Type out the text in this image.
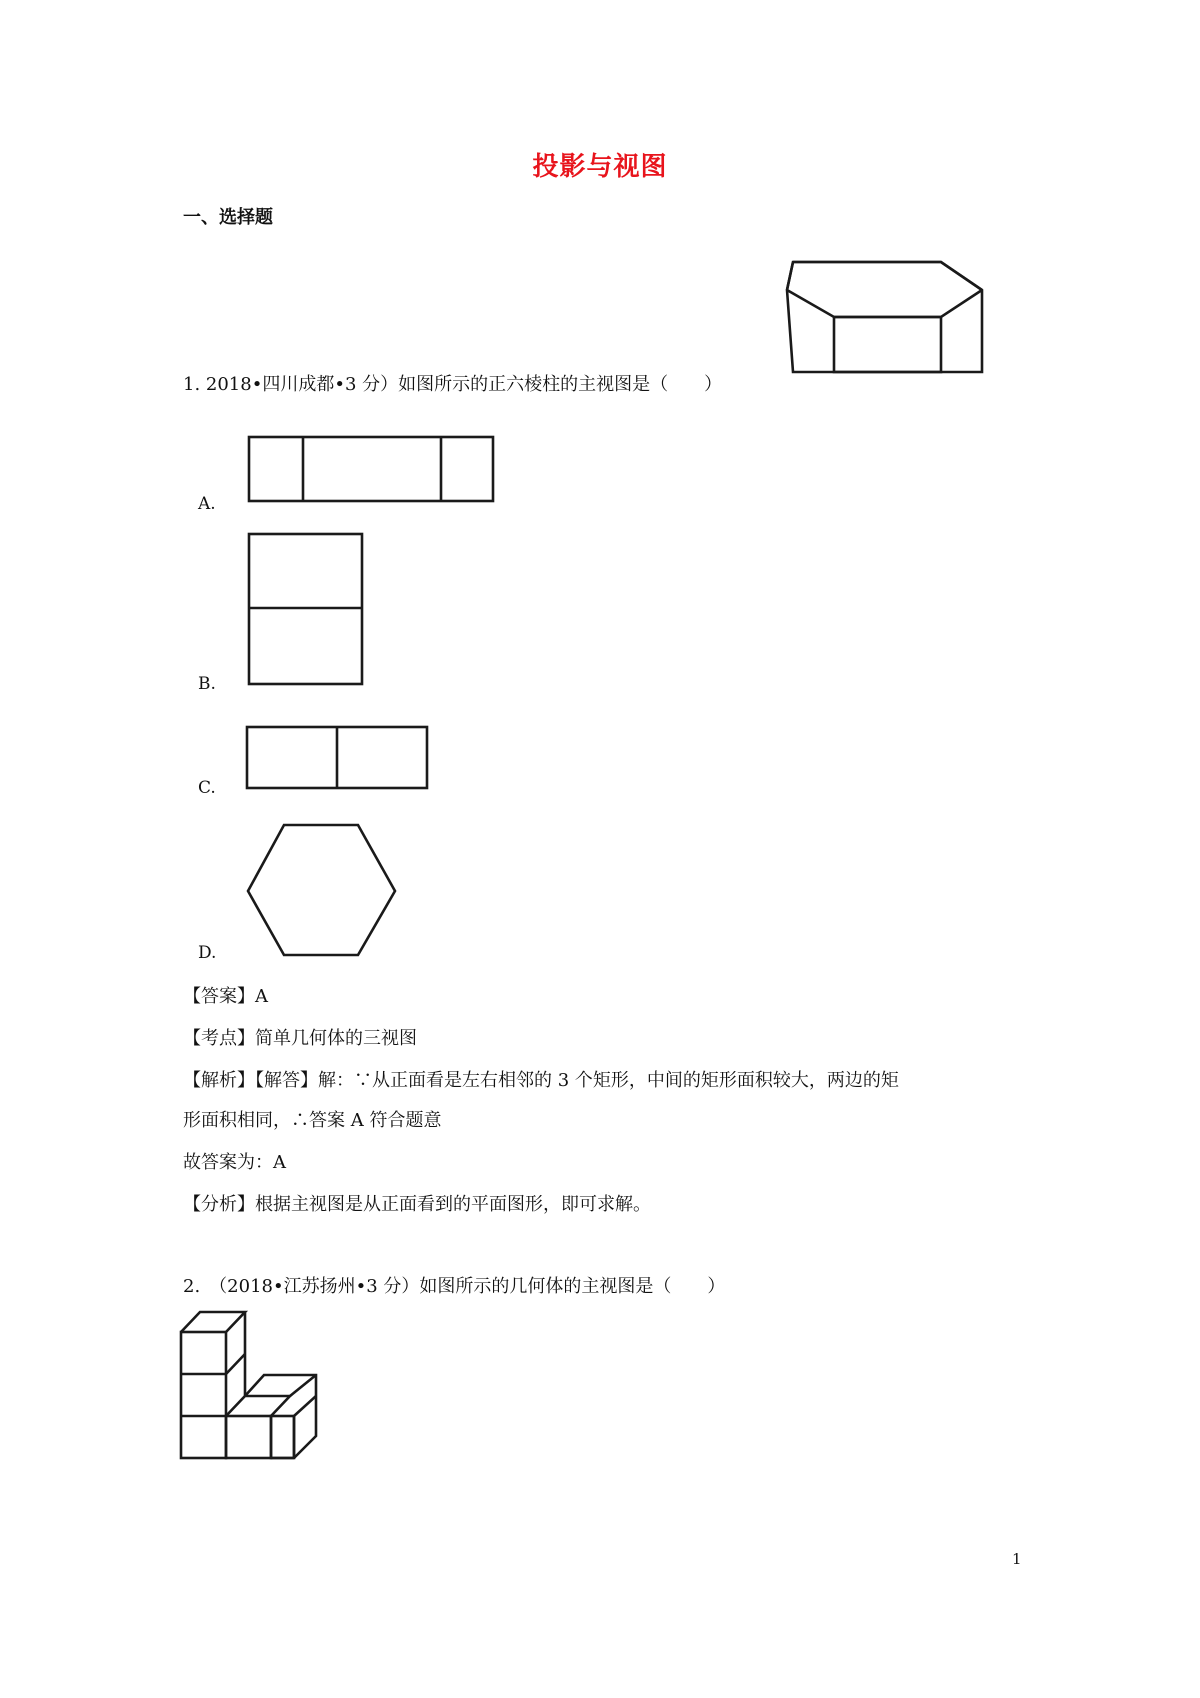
投影与视图
一、选择题
1. 2018•四川成都•3 分）如图所示的正六棱柱的主视图是（　　）
A.
B.
C.
D.
【答案】A
【考点】简单几何体的三视图
【解析】【解答】解：∵从正面看是左右相邻的 3 个矩形，中间的矩形面积较大，两边的矩
形面积相同，∴答案 A 符合题意
故答案为：A
【分析】根据主视图是从正面看到的平面图形，即可求解。
2.　（2018•江苏扬州•3 分）如图所示的几何体的主视图是（　　）
1
